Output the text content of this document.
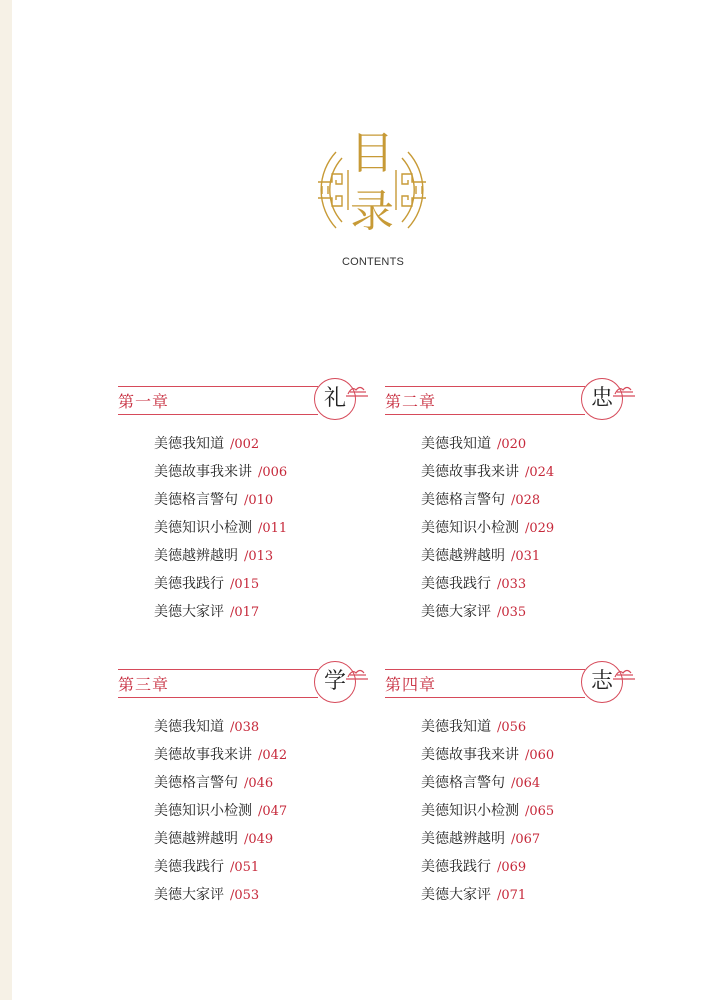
目
录
CONTENTS
第一章	礼
美德我知道 /002
美德故事我来讲 /006
美德格言警句 /010
美德知识小检测 /011
美德越辨越明 /013
美德我践行 /015
美德大家评 /017
第二章	忠
美德我知道 /020
美德故事我来讲 /024
美德格言警句 /028
美德知识小检测 /029
美德越辨越明 /031
美德我践行 /033
美德大家评 /035
第三章	学
美德我知道 /038
美德故事我来讲 /042
美德格言警句 /046
美德知识小检测 /047
美德越辨越明 /049
美德我践行 /051
美德大家评 /053
第四章	志
美德我知道 /056
美德故事我来讲 /060
美德格言警句 /064
美德知识小检测 /065
美德越辨越明 /067
美德我践行 /069
美德大家评 /071
